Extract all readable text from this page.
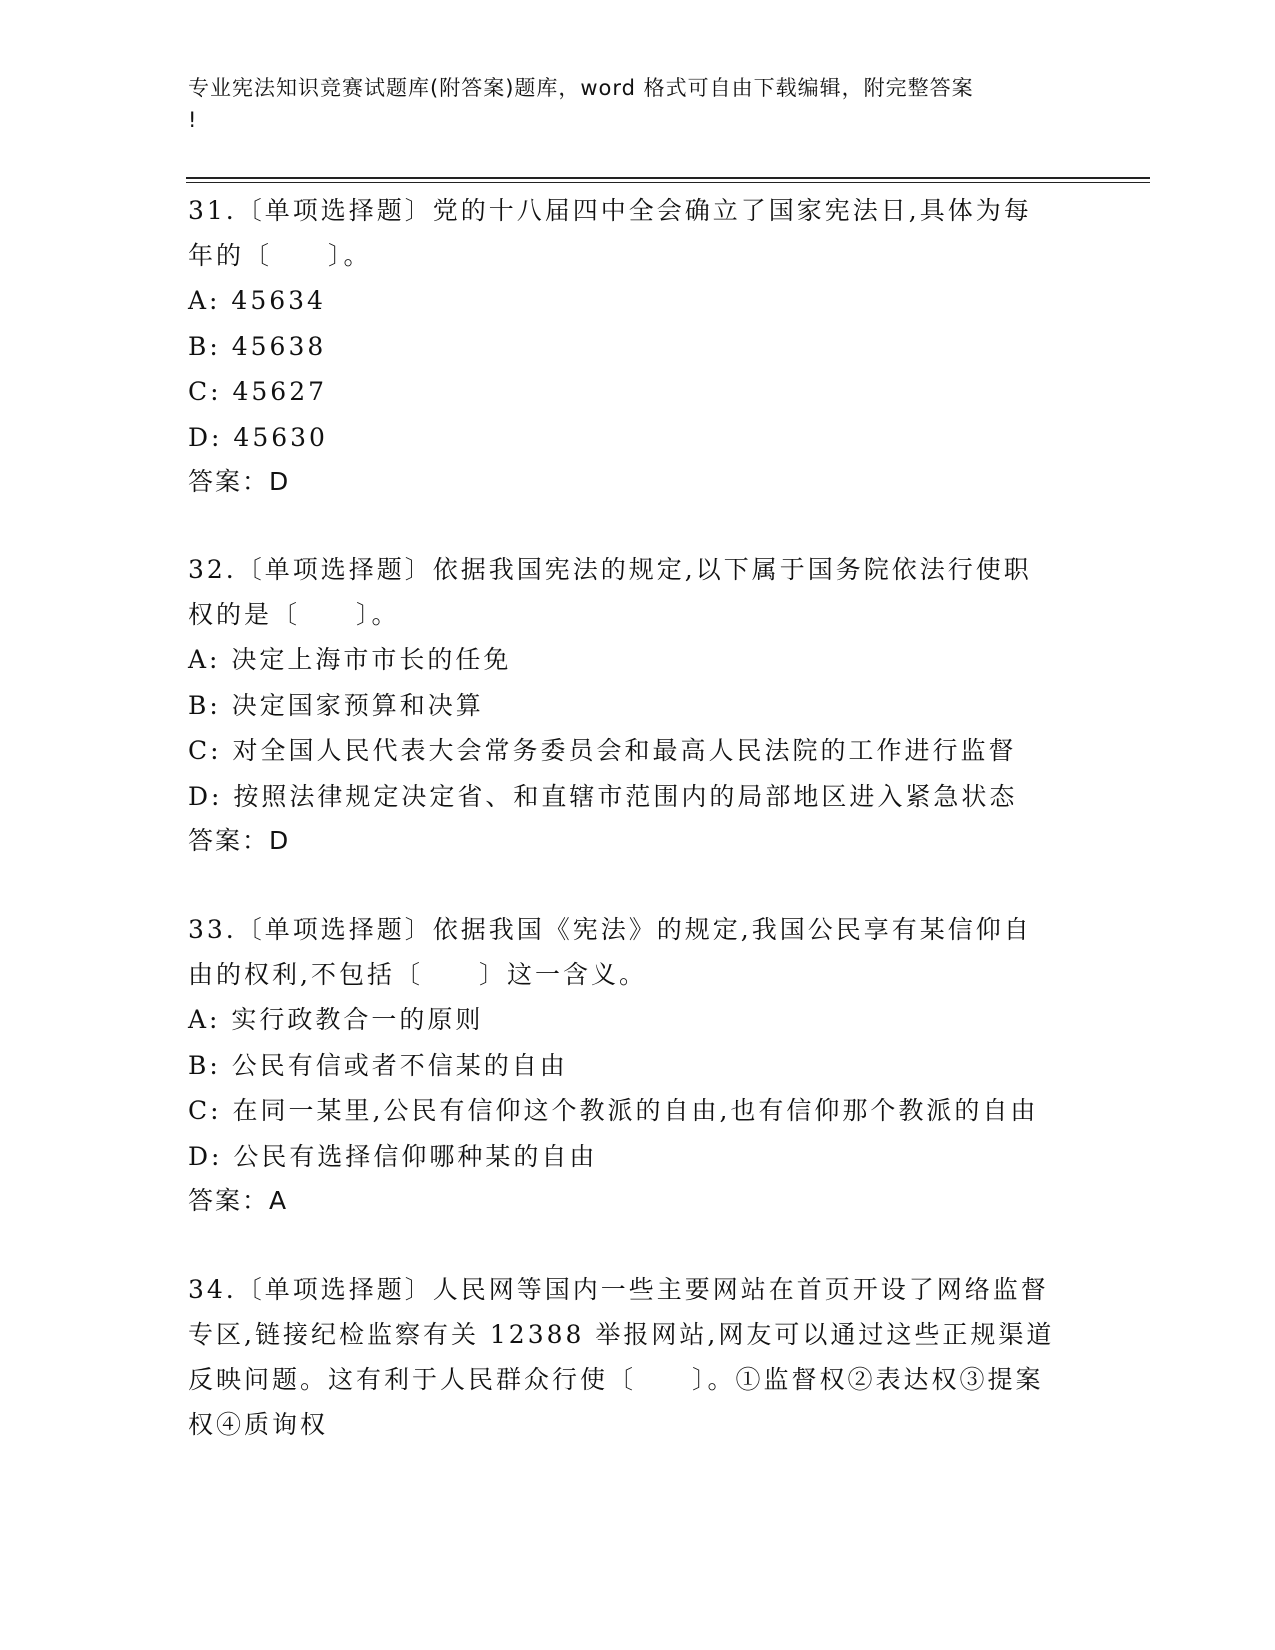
专业宪法知识竞赛试题库(附答案)题库，word 格式可自由下载编辑，附完整答案
!
31.〔单项选择题〕党的十八届四中全会确立了国家宪法日,具体为每
年的〔　　〕。
A: 45634
B: 45638
C: 45627
D: 45630
答案：D
32.〔单项选择题〕依据我国宪法的规定,以下属于国务院依法行使职
权的是〔　　〕。
A: 决定上海市市长的任免
B: 决定国家预算和决算
C: 对全国人民代表大会常务委员会和最高人民法院的工作进行监督
D: 按照法律规定决定省、和直辖市范围内的局部地区进入紧急状态
答案：D
33.〔单项选择题〕依据我国《宪法》的规定,我国公民享有某信仰自
由的权利,不包括〔　　〕这一含义。
A: 实行政教合一的原则
B: 公民有信或者不信某的自由
C: 在同一某里,公民有信仰这个教派的自由,也有信仰那个教派的自由
D: 公民有选择信仰哪种某的自由
答案：A
34.〔单项选择题〕人民网等国内一些主要网站在首页开设了网络监督
专区,链接纪检监察有关 12388 举报网站,网友可以通过这些正规渠道
反映问题。这有利于人民群众行使〔　　〕。①监督权②表达权③提案
权④质询权
